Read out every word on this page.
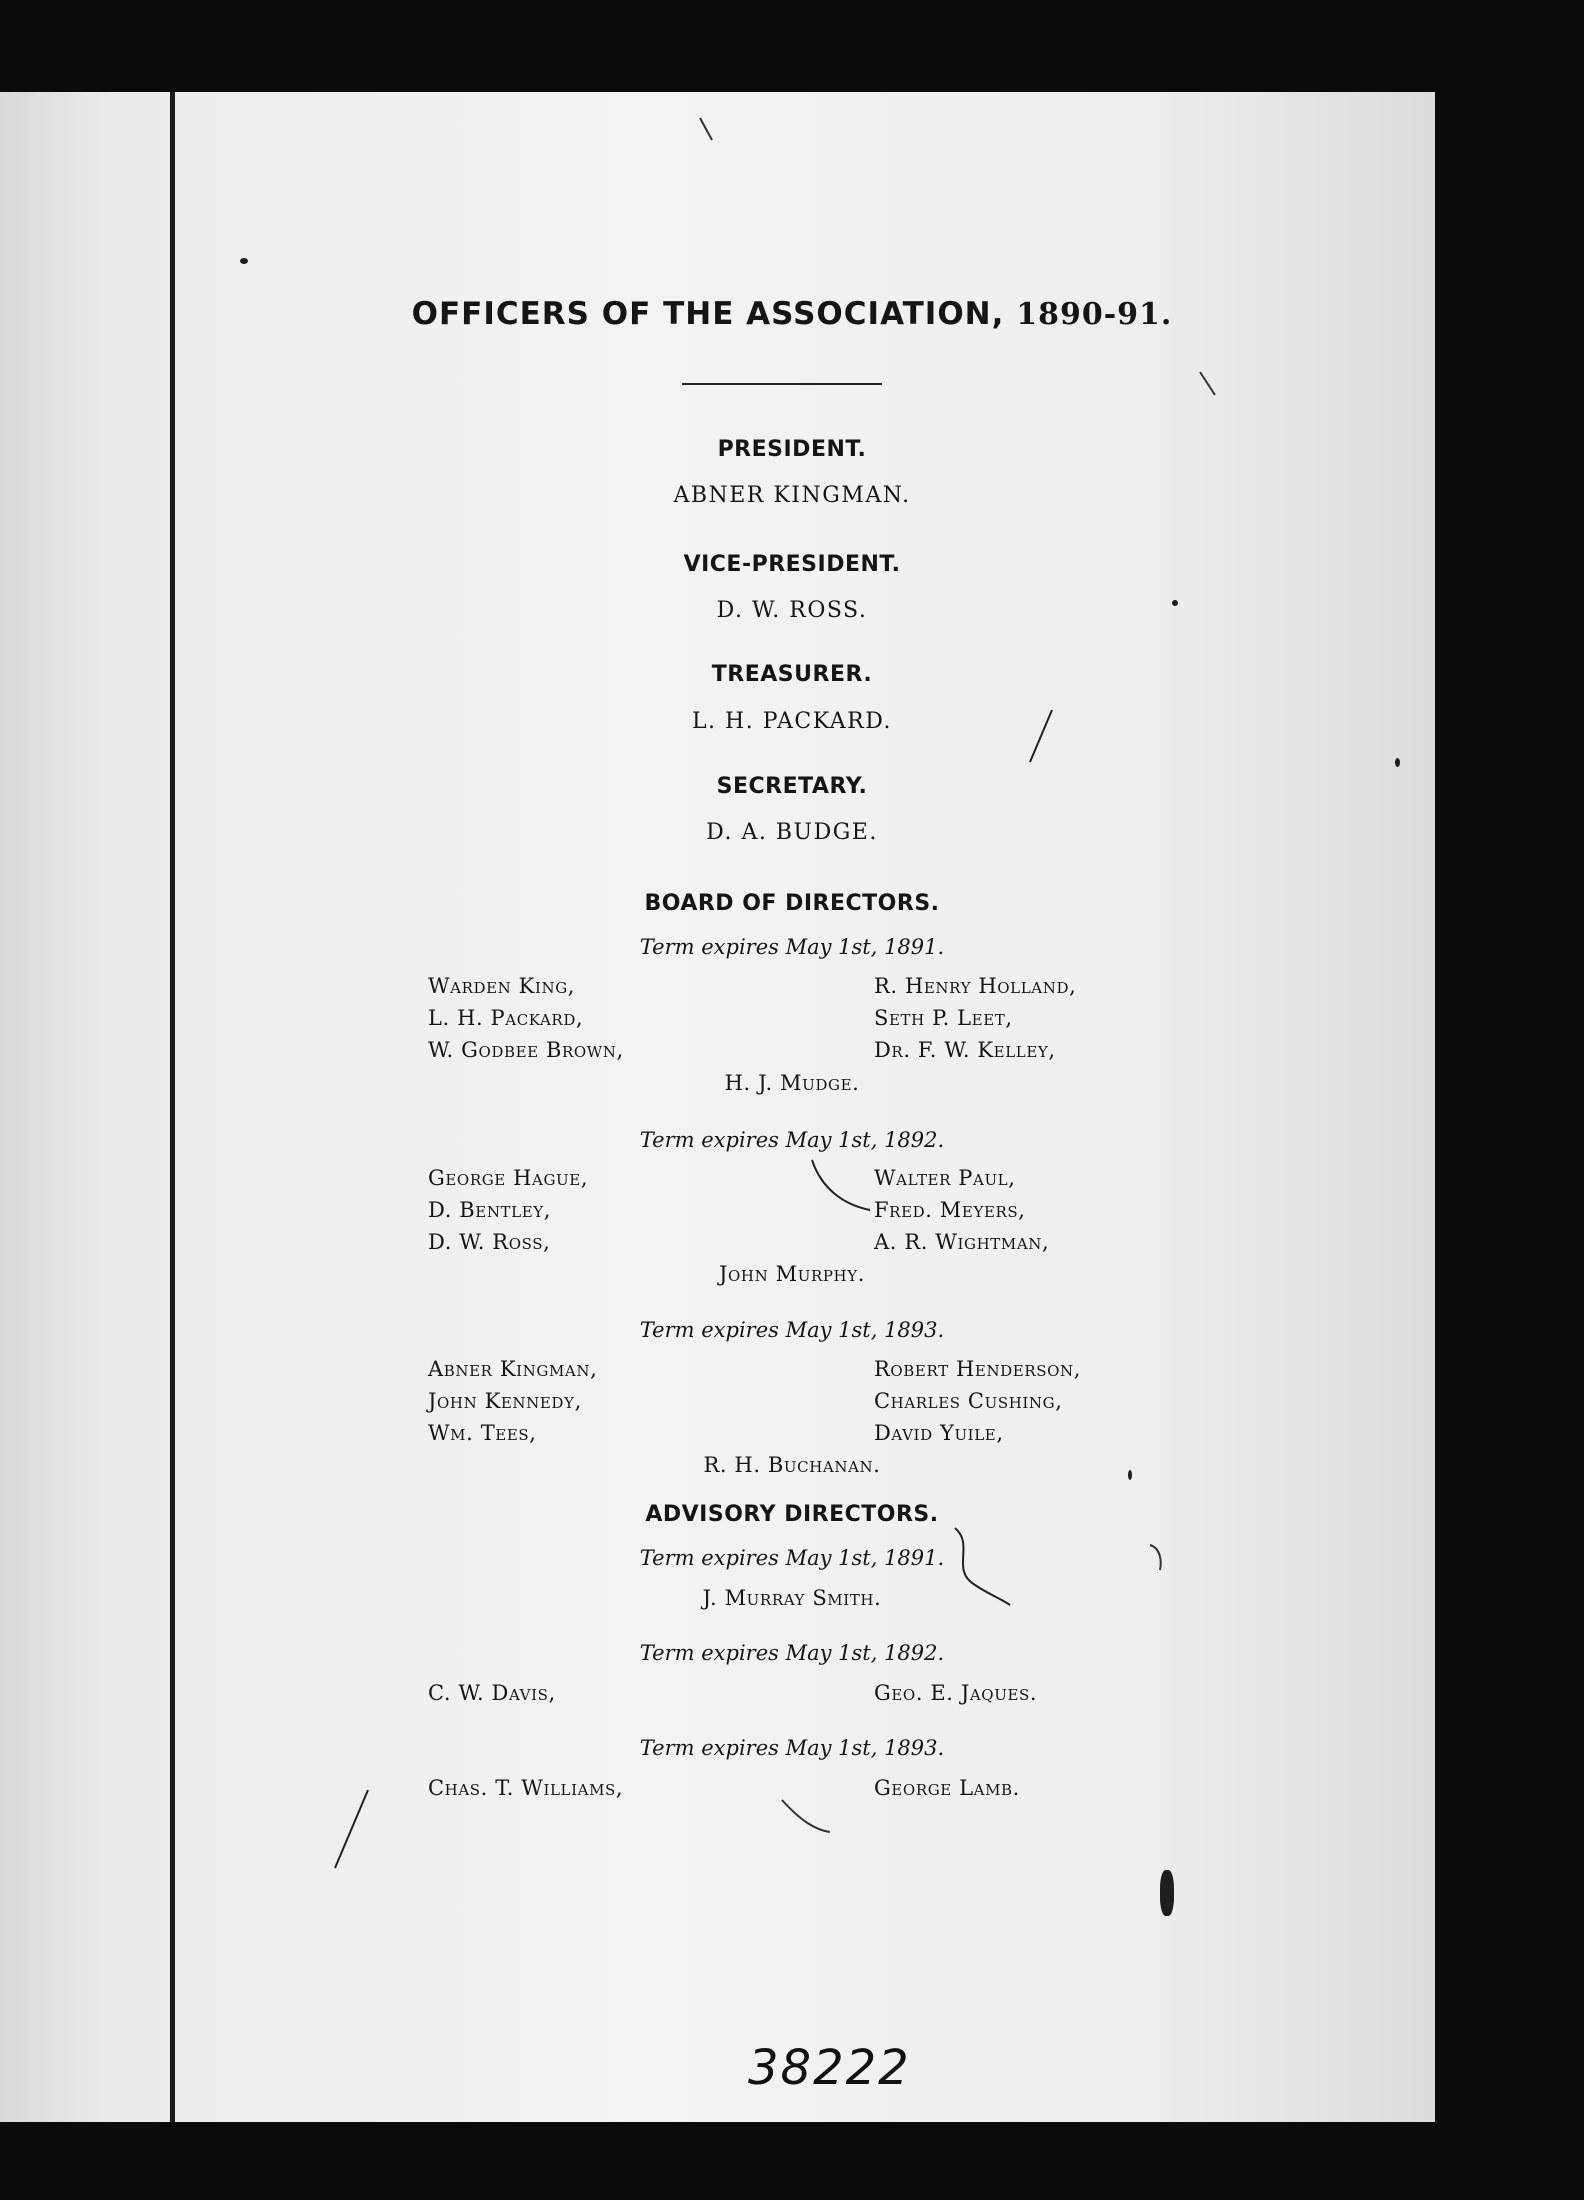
OFFICERS OF THE ASSOCIATION, 1890-91.
PRESIDENT.
ABNER KINGMAN.
VICE-PRESIDENT.
D. W. ROSS.
TREASURER.
L. H. PACKARD.
SECRETARY.
D. A. BUDGE.
BOARD OF DIRECTORS.
Term expires May 1st, 1891.
Warden King,
L. H. Packard,
W. Godbee Brown,
R. Henry Holland,
Seth P. Leet,
Dr. F. W. Kelley,
H. J. Mudge.
Term expires May 1st, 1892.
George Hague,
D. Bentley,
D. W. Ross,
Walter Paul,
Fred. Meyers,
A. R. Wightman,
John Murphy.
Term expires May 1st, 1893.
Abner Kingman,
John Kennedy,
Wm. Tees,
Robert Henderson,
Charles Cushing,
David Yuile,
R. H. Buchanan.
ADVISORY DIRECTORS.
Term expires May 1st, 1891.
J. Murray Smith.
Term expires May 1st, 1892.
C. W. Davis,	Geo. E. Jaques.
Term expires May 1st, 1893.
Chas. T. Williams,	George Lamb.
38222
